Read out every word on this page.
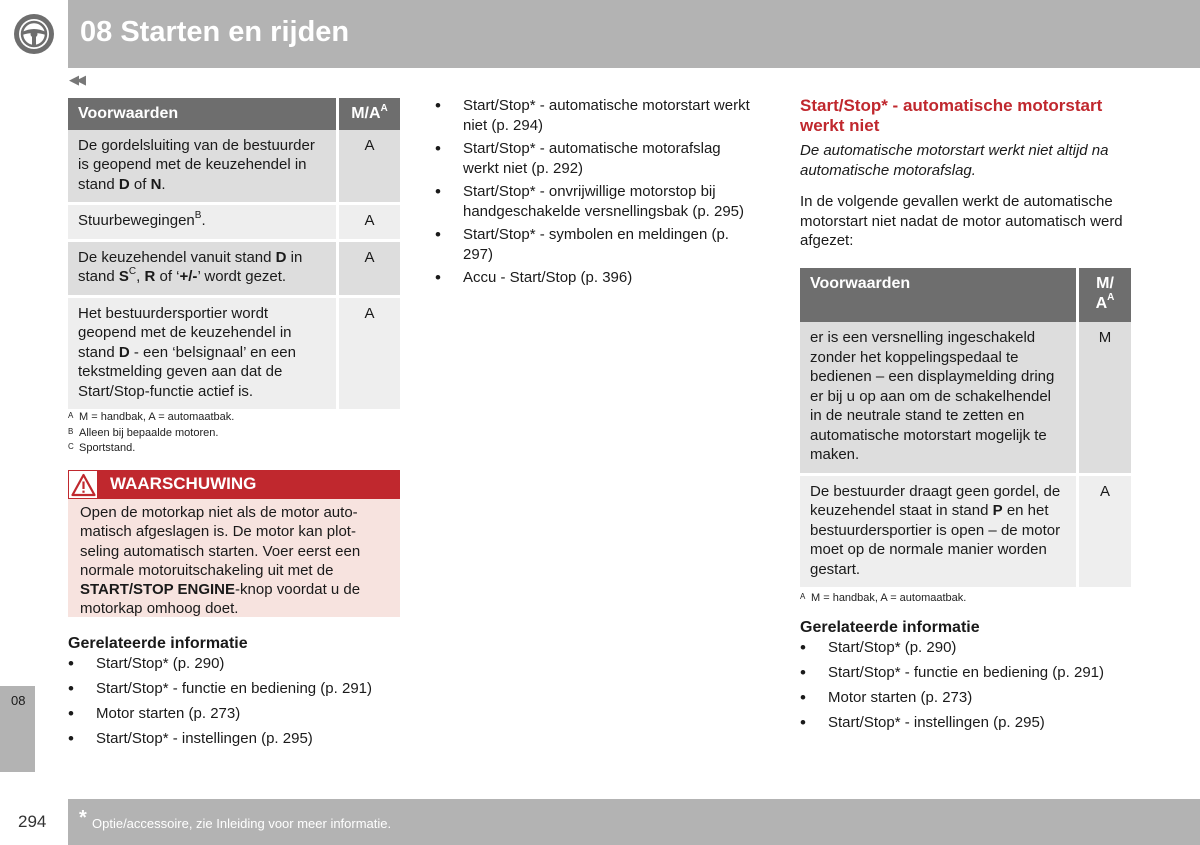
08 Starten en rijden
◀◀
Voorwaarden	$M/A^A$
De gordelsluiting van de bestuurder is geopend met de keuzehendel in stand D of N.	A
Stuurbewegingen$^B$.	A
De keuzehendel vanuit stand D in stand $S^C$, R of ‘+/-’ wordt gezet.	A
Het bestuurdersportier wordt geopend met de keuzehendel in stand D - een ‘belsignaal’ en een tekstmelding geven aan dat de Start/Stop-functie actief is.	A
A M = handbak, A = automaatbak.
B Alleen bij bepaalde motoren.
C Sportstand.
WAARSCHUWING

Open de motorkap niet als de motor automatisch afgeslagen is. De motor kan plotseling automatisch starten. Voer eerst een normale motoruitschakeling uit met de START/STOP ENGINE-knop voordat u de motorkap omhoog doet.

Gerelateerde informatie
• Start/Stop* (p. 290)
• Start/Stop* - functie en bediening (p. 291)
• Motor starten (p. 273)
• Start/Stop* - instellingen (p. 295)
• Start/Stop* - automatische motorstart werkt niet (p. 294)
• Start/Stop* - automatische motorafslag werkt niet (p. 292)
• Start/Stop* - onvrijwillige motorstop bij handgeschakelde versnellingsbak (p. 295)
• Start/Stop* - symbolen en meldingen (p. 297)
• Accu - Start/Stop (p. 396)
Start/Stop* - automatische motorstart werkt niet

De automatische motorstart werkt niet altijd na automatische motorafslag.

In de volgende gevallen werkt de automatische motorstart niet nadat de motor automatisch werd afgezet:

Voorwaarden	M/
$A^A$
er is een versnelling ingeschakeld zonder het koppelingspedaal te bedienen – een displaymelding dring er bij u op aan om de schakelhendel in de neutrale stand te zetten en automatische motorstart mogelijk te maken.	M
De bestuurder draagt geen gordel, de keuzehendel staat in stand P en het bestuurdersportier is open – de motor moet op de normale manier worden gestart.	A
A M = handbak, A = automaatbak.
Gerelateerde informatie
• Start/Stop* (p. 290)
• Start/Stop* - functie en bediening (p. 291)
• Motor starten (p. 273)
• Start/Stop* - instellingen (p. 295)
08
294 * Optie/accessoire, zie Inleiding voor meer informatie.
